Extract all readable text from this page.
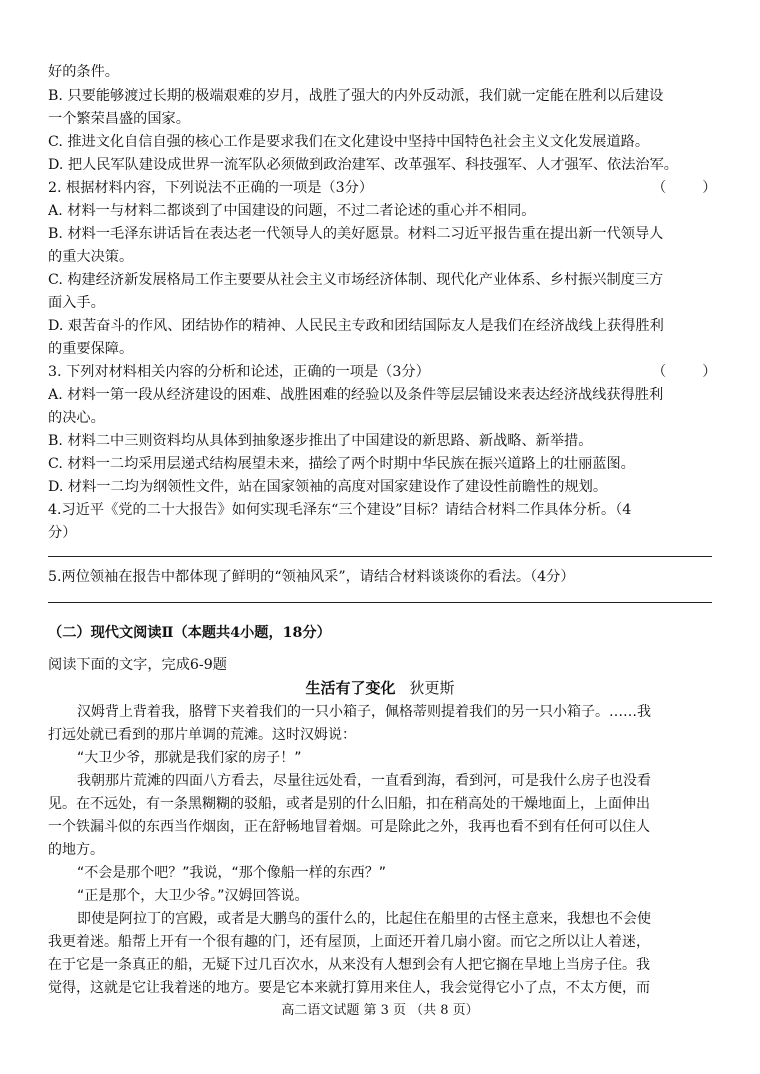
好的条件。
B. 只要能够渡过长期的极端艰难的岁月，战胜了强大的内外反动派，我们就一定能在胜利以后建设
一个繁荣昌盛的国家。
C. 推进文化自信自强的核心工作是要求我们在文化建设中坚持中国特色社会主义文化发展道路。
D. 把人民军队建设成世界一流军队必须做到政治建军、改革强军、科技强军、人才强军、依法治军。
2. 根据材料内容，下列说法不正确的一项是（3分）	（        ）
A. 材料一与材料二都谈到了中国建设的问题，不过二者论述的重心并不相同。
B. 材料一毛泽东讲话旨在表达老一代领导人的美好愿景。材料二习近平报告重在提出新一代领导人
的重大决策。
C. 构建经济新发展格局工作主要要从社会主义市场经济体制、现代化产业体系、乡村振兴制度三方
面入手。
D. 艰苦奋斗的作风、团结协作的精神、人民民主专政和团结国际友人是我们在经济战线上获得胜利
的重要保障。
3. 下列对材料相关内容的分析和论述，正确的一项是（3分）	（        ）
A. 材料一第一段从经济建设的困难、战胜困难的经验以及条件等层层铺设来表达经济战线获得胜利
的决心。
B. 材料二中三则资料均从具体到抽象逐步推出了中国建设的新思路、新战略、新举措。
C. 材料一二均采用层递式结构展望未来，描绘了两个时期中华民族在振兴道路上的壮丽蓝图。
D. 材料一二均为纲领性文件，站在国家领袖的高度对国家建设作了建设性前瞻性的规划。
4.习近平《党的二十大报告》如何实现毛泽东“三个建设”目标？请结合材料二作具体分析。（4
分）
5.两位领袖在报告中都体现了鲜明的“领袖风采”，请结合材料谈谈你的看法。（4分）
（二）现代文阅读Ⅱ（本题共4小题，18分）
阅读下面的文字，完成6-9题
生活有了变化 狄更斯
汉姆背上背着我，胳臂下夹着我们的一只小箱子，佩格蒂则提着我们的另一只小箱子。……我
打远处就已看到的那片单调的荒滩。这时汉姆说：
“大卫少爷，那就是我们家的房子！”
我朝那片荒滩的四面八方看去，尽量往远处看，一直看到海，看到河，可是我什么房子也没看
见。在不远处，有一条黑糊糊的驳船，或者是别的什么旧船，扣在稍高处的干燥地面上，上面伸出
一个铁漏斗似的东西当作烟囱，正在舒畅地冒着烟。可是除此之外，我再也看不到有任何可以住人
的地方。
“不会是那个吧？”我说，“那个像船一样的东西？”
“正是那个，大卫少爷。”汉姆回答说。
即使是阿拉丁的宫殿，或者是大鹏鸟的蛋什么的，比起住在船里的古怪主意来，我想也不会使
我更着迷。船帮上开有一个很有趣的门，还有屋顶，上面还开着几扇小窗。而它之所以让人着迷，
在于它是一条真正的船，无疑下过几百次水，从来没有人想到会有人把它搁在旱地上当房子住。我
觉得，这就是它让我着迷的地方。要是它本来就打算用来住人，我会觉得它小了点，不太方便，而
高二语文试题 第 3 页 （共 8 页）
